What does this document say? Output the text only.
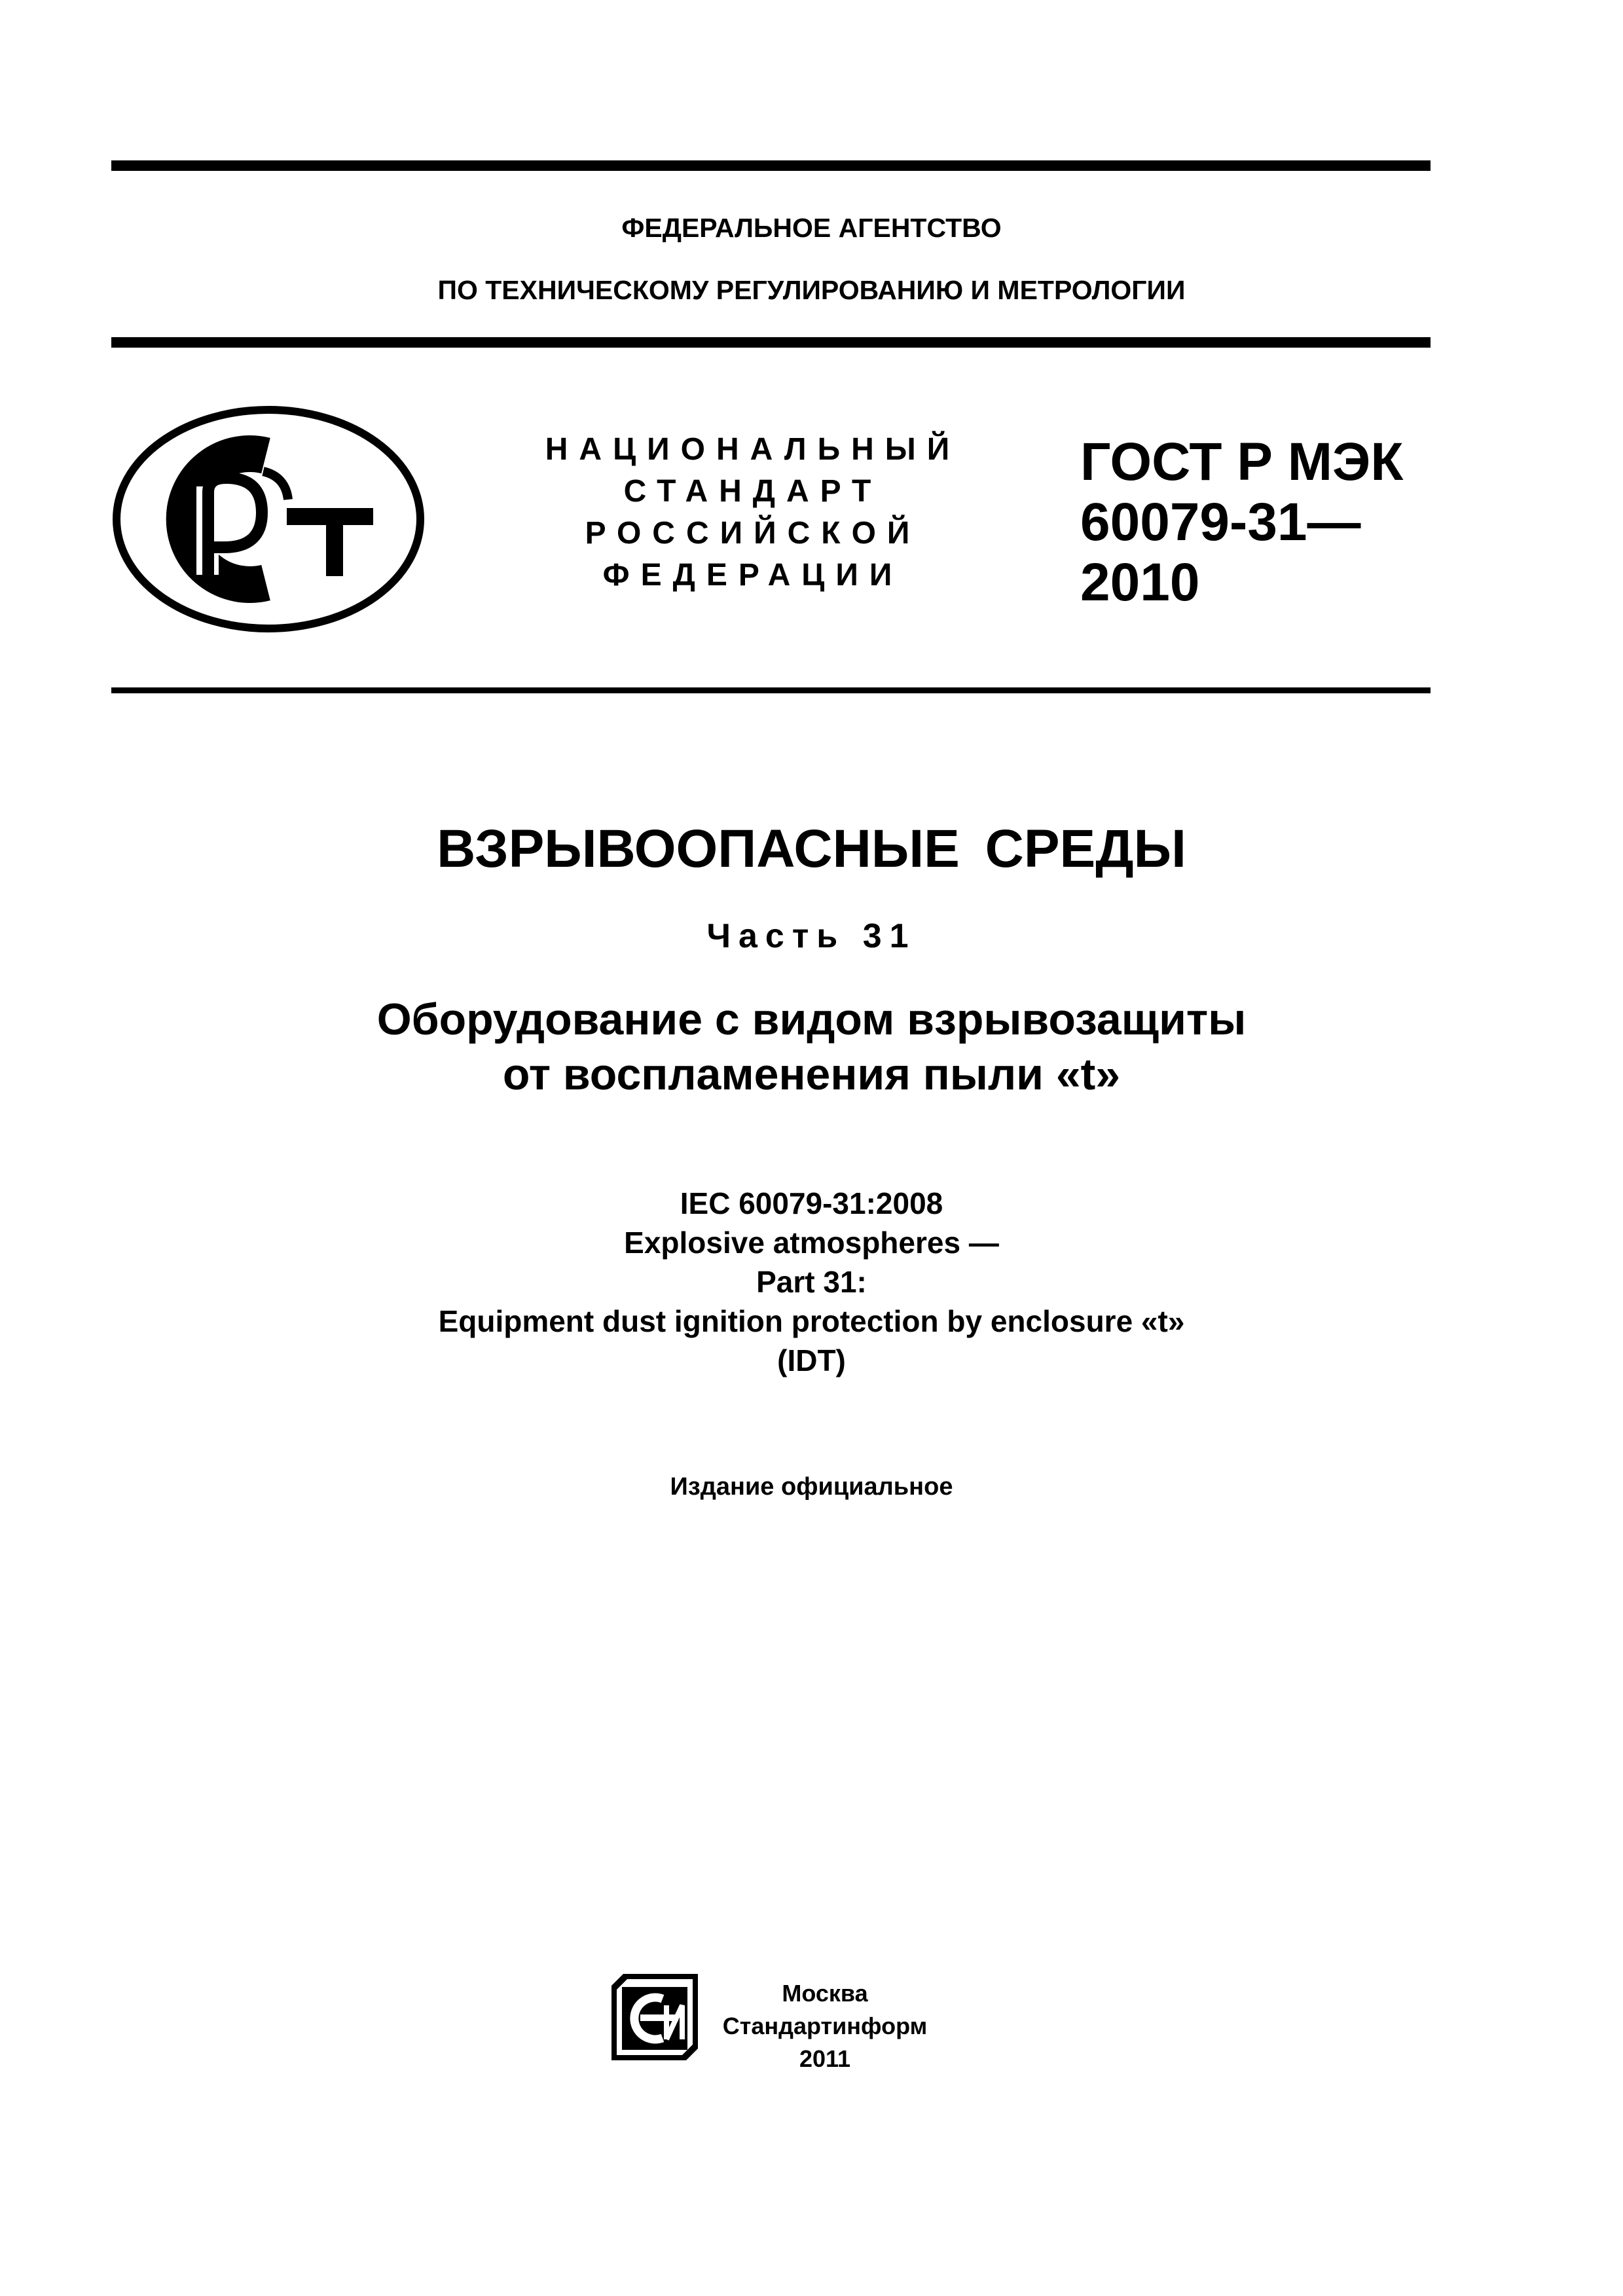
ФЕДЕРАЛЬНОЕ АГЕНТСТВО
ПО ТЕХНИЧЕСКОМУ РЕГУЛИРОВАНИЮ И МЕТРОЛОГИИ
НАЦИОНАЛЬНЫЙ
СТАНДАРТ
РОССИЙСКОЙ
ФЕДЕРАЦИИ
ГОСТ Р МЭК
60079-31—
2010
ВЗРЫВООПАСНЫЕ СРЕДЫ
Часть 31
Оборудование с видом взрывозащиты
от воспламенения пыли «t»
IEC 60079-31:2008
Explosive atmospheres —
Part 31:
Equipment dust ignition protection by enclosure «t»
(IDT)
Издание официальное
Москва
Стандартинформ
2011
